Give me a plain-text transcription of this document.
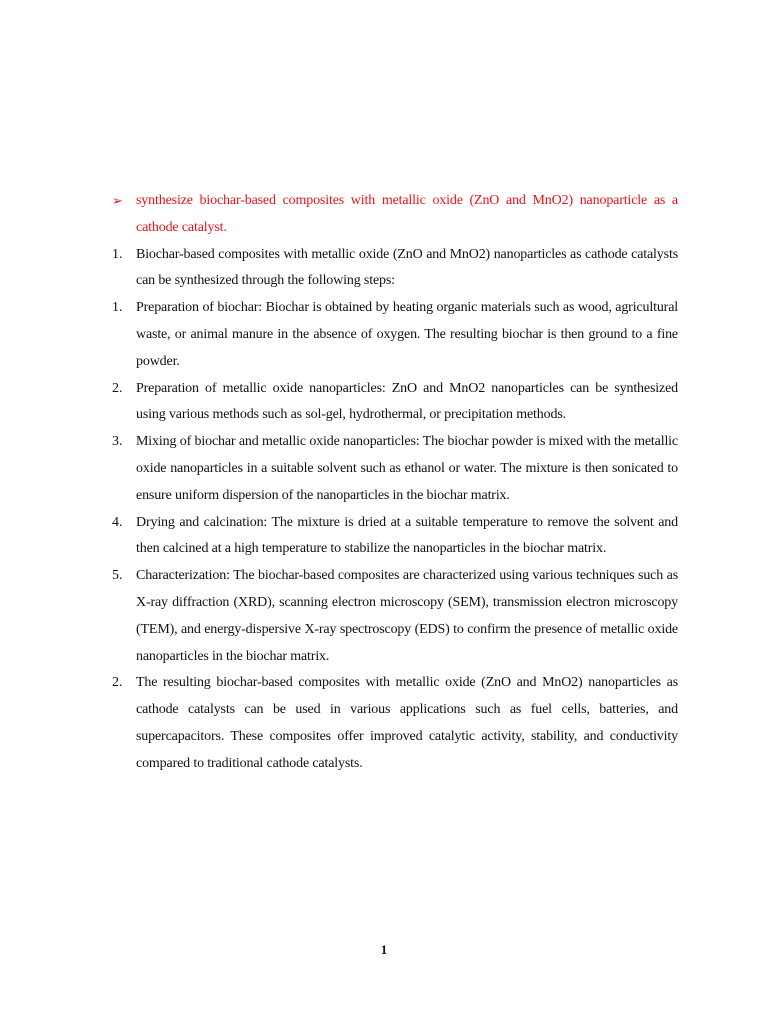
➢ synthesize biochar-based composites with metallic oxide (ZnO and MnO2) nanoparticle as a cathode catalyst.
1. Biochar-based composites with metallic oxide (ZnO and MnO2) nanoparticles as cathode catalysts can be synthesized through the following steps:
1. Preparation of biochar: Biochar is obtained by heating organic materials such as wood, agricultural waste, or animal manure in the absence of oxygen. The resulting biochar is then ground to a fine powder.
2. Preparation of metallic oxide nanoparticles: ZnO and MnO2 nanoparticles can be synthesized using various methods such as sol-gel, hydrothermal, or precipitation methods.
3. Mixing of biochar and metallic oxide nanoparticles: The biochar powder is mixed with the metallic oxide nanoparticles in a suitable solvent such as ethanol or water. The mixture is then sonicated to ensure uniform dispersion of the nanoparticles in the biochar matrix.
4. Drying and calcination: The mixture is dried at a suitable temperature to remove the solvent and then calcined at a high temperature to stabilize the nanoparticles in the biochar matrix.
5. Characterization: The biochar-based composites are characterized using various techniques such as X-ray diffraction (XRD), scanning electron microscopy (SEM), transmission electron microscopy (TEM), and energy-dispersive X-ray spectroscopy (EDS) to confirm the presence of metallic oxide nanoparticles in the biochar matrix.
2. The resulting biochar-based composites with metallic oxide (ZnO and MnO2) nanoparticles as cathode catalysts can be used in various applications such as fuel cells, batteries, and supercapacitors. These composites offer improved catalytic activity, stability, and conductivity compared to traditional cathode catalysts.
1
